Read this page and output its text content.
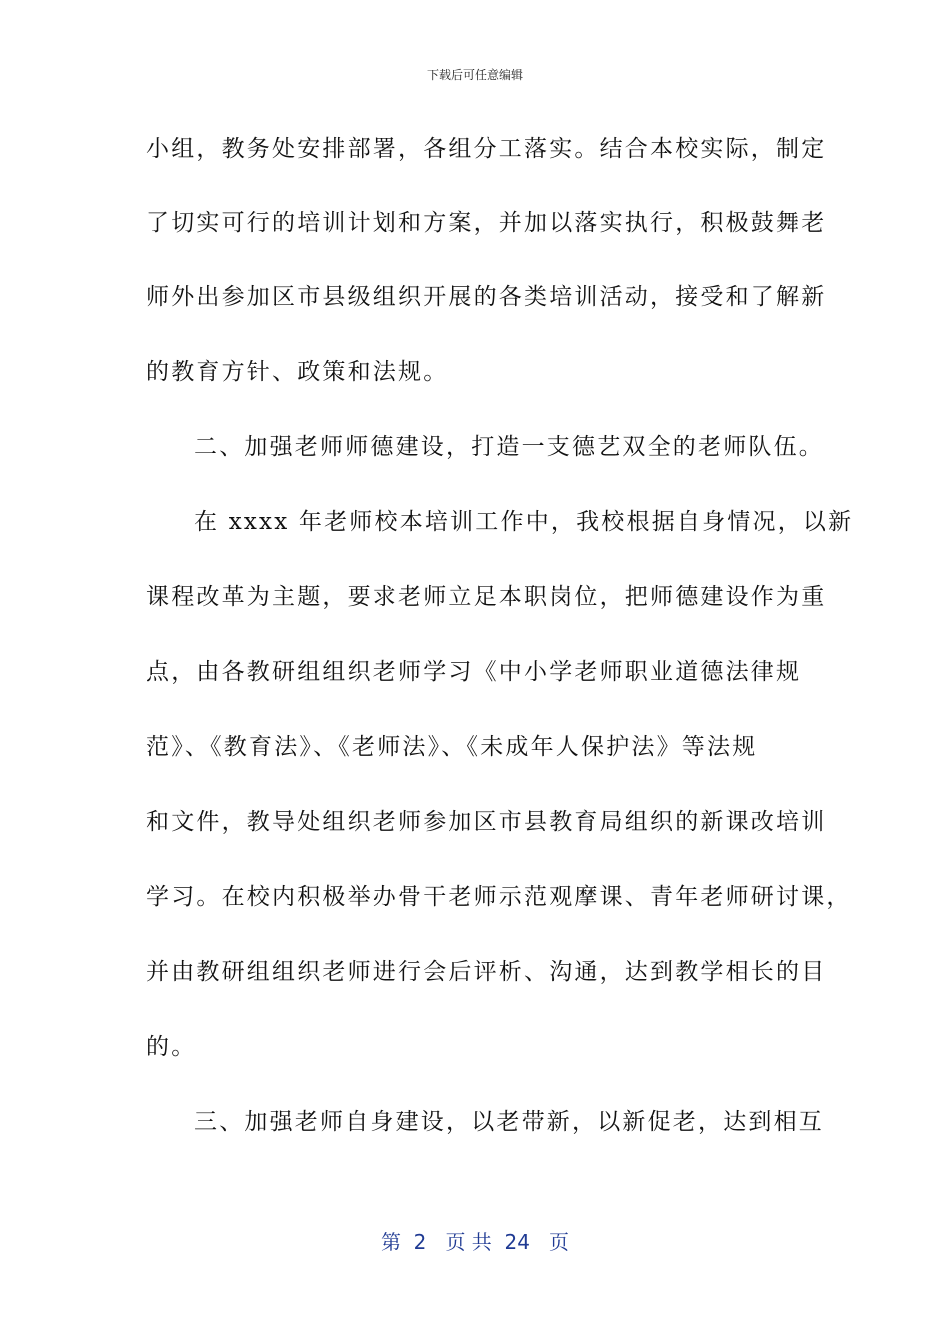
下载后可任意编辑
小组，教务处安排部署，各组分工落实。结合本校实际，制定
了切实可行的培训计划和方案，并加以落实执行，积极鼓舞老
师外出参加区市县级组织开展的各类培训活动，接受和了解新
的教育方针、政策和法规。
二、加强老师师德建设，打造一支德艺双全的老师队伍。
在 xxxx 年老师校本培训工作中，我校根据自身情况，以新
课程改革为主题，要求老师立足本职岗位，把师德建设作为重
点，由各教研组组织老师学习《中小学老师职业道德法律规
范》、《教育法》、《老师法》、《未成年人保护法》等法规
和文件，教导处组织老师参加区市县教育局组织的新课改培训
学习。在校内积极举办骨干老师示范观摩课、青年老师研讨课，
并由教研组组织老师进行会后评析、沟通，达到教学相长的目
的。
三、加强老师自身建设，以老带新，以新促老，达到相互
第  2   页 共  24   页
